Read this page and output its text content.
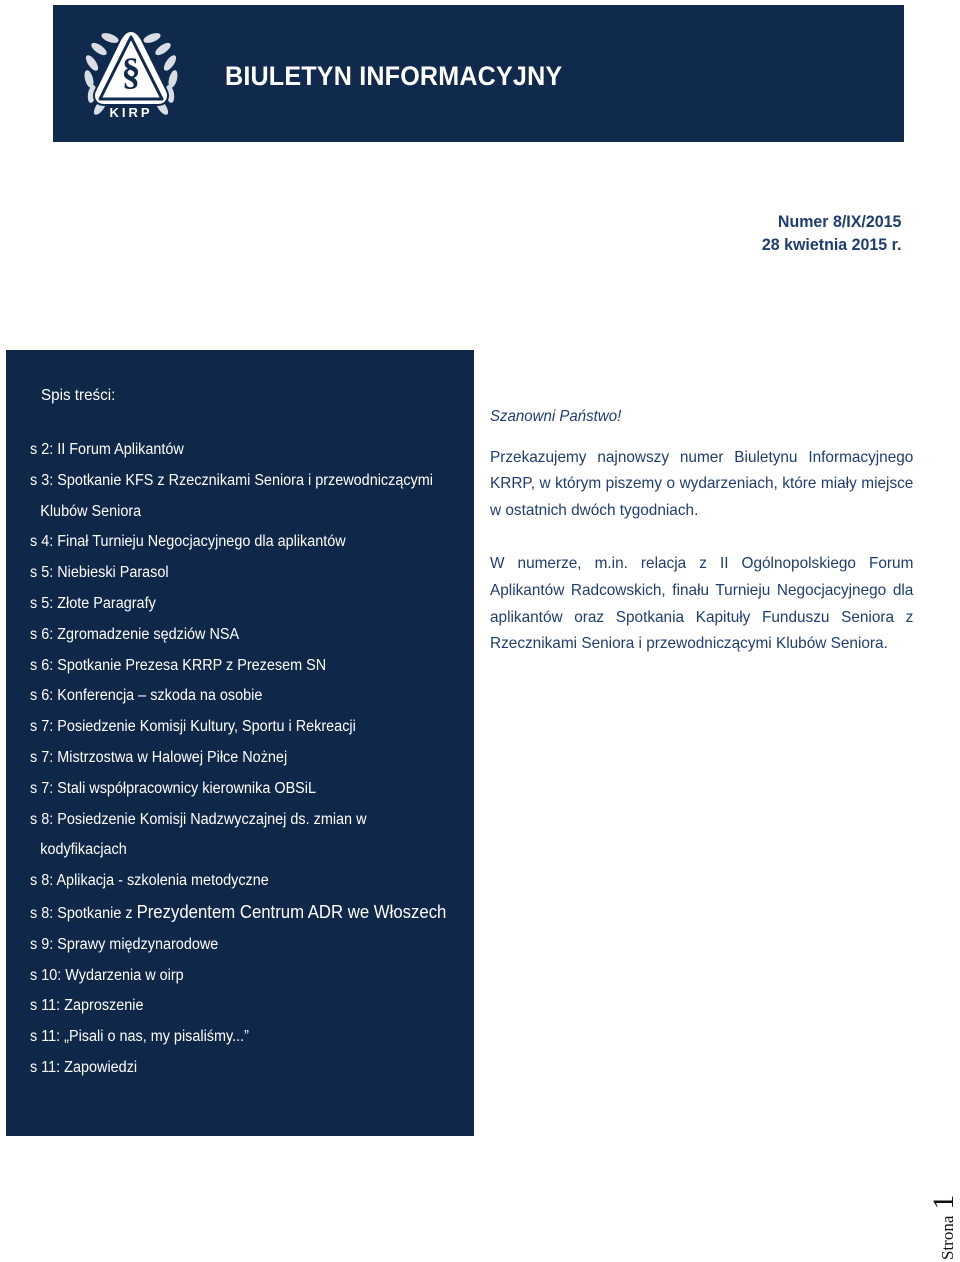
§
KIRP
BIULETYN INFORMACYJNY
Numer 8/IX/2015
28 kwietnia 2015 r.
Spis treści:
s 2: II Forum Aplikantów
s 3: Spotkanie KFS z Rzecznikami Seniora i przewodniczącymi
Klubów Seniora
s 4: Finał Turnieju Negocjacyjnego dla aplikantów
s 5: Niebieski Parasol
s 5: Złote Paragrafy
s 6: Zgromadzenie sędziów NSA
s 6: Spotkanie Prezesa KRRP z Prezesem SN
s 6: Konferencja – szkoda na osobie
s 7: Posiedzenie Komisji Kultury, Sportu i Rekreacji
s 7: Mistrzostwa w Halowej Piłce Nożnej
s 7: Stali współpracownicy kierownika OBSiL
s 8: Posiedzenie Komisji Nadzwyczajnej ds. zmian w
kodyfikacjach
s 8: Aplikacja - szkolenia metodyczne
s 8: Spotkanie z Prezydentem Centrum ADR we Włoszech
s 9: Sprawy międzynarodowe
s 10: Wydarzenia w oirp
s 11: Zaproszenie
s 11: „Pisali o nas, my pisaliśmy...”
s 11: Zapowiedzi
Szanowni Państwo!

Przekazujemy najnowszy numer Biuletynu Informacyjnego KRRP, w którym piszemy o wydarzeniach, które miały miejsce w ostatnich dwóch tygodniach.

W numerze, m.in. relacja z II Ogólnopolskiego Forum Aplikantów Radcowskich, finału Turnieju Negocjacyjnego dla aplikantów oraz Spotkania Kapituły Funduszu Seniora z Rzecznikami Seniora i przewodniczącymi Klubów Seniora.

Strona
1
